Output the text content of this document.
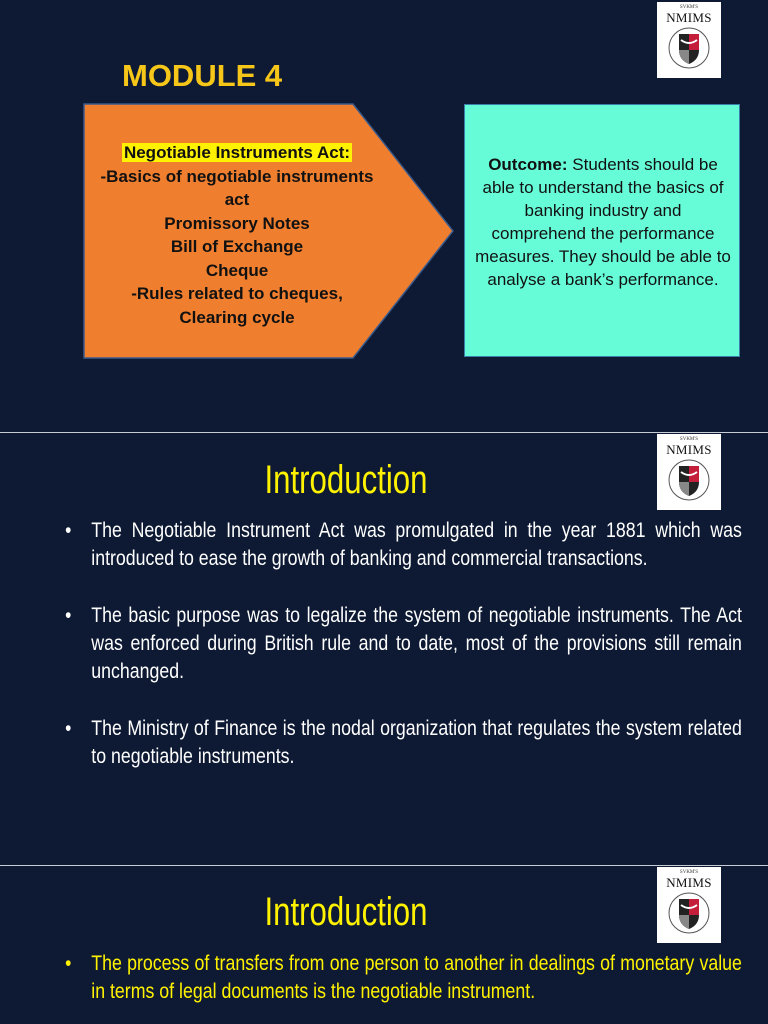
SVKM'S
NMIMS
MODULE 4
Negotiable Instruments Act:
-Basics of negotiable instruments act
Promissory Notes
Bill of Exchange
Cheque
-Rules related to cheques, Clearing cycle
Outcome: Students should be able to understand the basics of banking industry and comprehend the performance measures. They should be able to analyse a bank’s performance.
SVKM'S
NMIMS
Introduction
• The Negotiable Instrument Act was promulgated in the year 1881 which was introduced to ease the growth of banking and commercial transactions.
• The basic purpose was to legalize the system of negotiable instruments. The Act was enforced during British rule and to date, most of the provisions still remain unchanged.
• The Ministry of Finance is the nodal organization that regulates the system related to negotiable instruments.
SVKM'S
NMIMS
Introduction
• The process of transfers from one person to another in dealings of monetary value in terms of legal documents is the negotiable instrument.
